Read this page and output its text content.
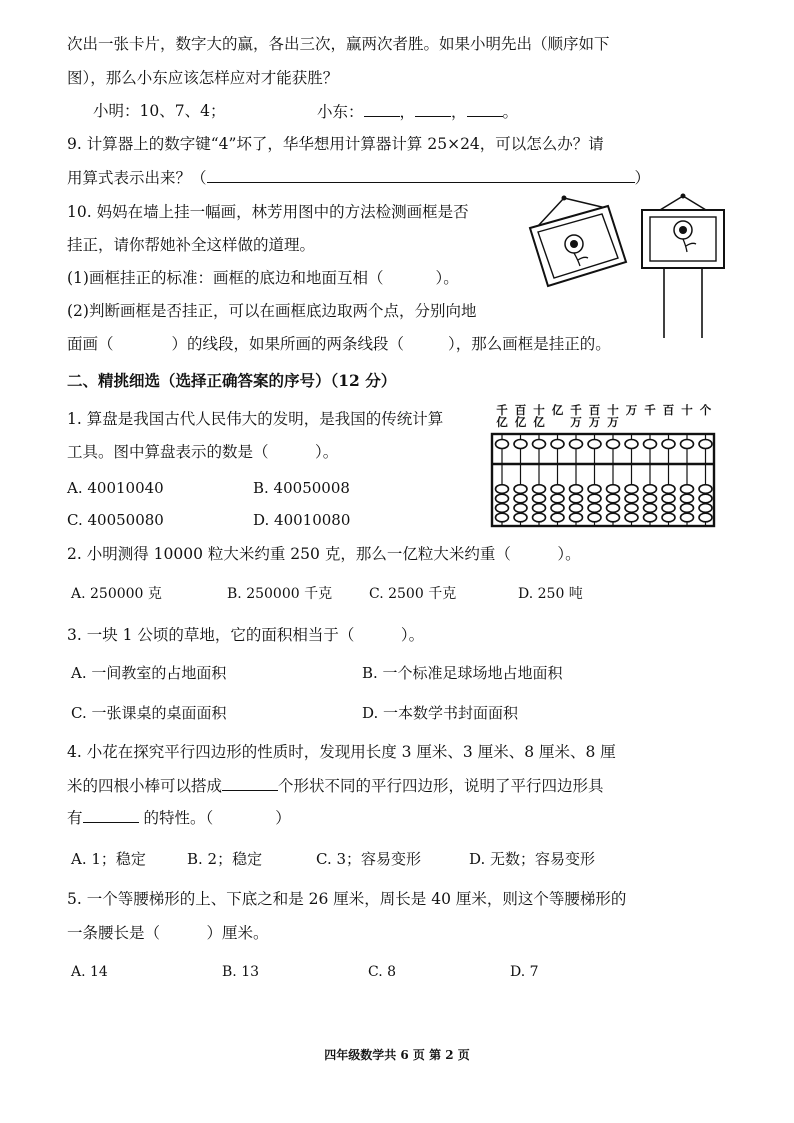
次出一张卡片，数字大的赢，各出三次，赢两次者胜。如果小明先出（顺序如下
图），那么小东应该怎样应对才能获胜？
小明：10、7、4；	小东： ， ， 。
9. 计算器上的数字键“4”坏了，华华想用计算器计算 25×24，可以怎么办？请
用算式表示出来？（	）
10. 妈妈在墙上挂一幅画，林芳用图中的方法检测画框是否
挂正，请你帮她补全这样做的道理。
(1)画框挂正的标准：画框的底边和地面互相（	）。
(2)判断画框是否挂正，可以在画框底边取两个点，分别向地
面画（	）的线段，如果所画的两条线段（	），那么画框是挂正的。
二、精挑细选（选择正确答案的序号）（12 分）
1. 算盘是我国古代人民伟大的发明，是我国的传统计算
工具。图中算盘表示的数是（　　　）。
A. 40010040	B. 40050008
C. 40050080	D. 40010080
千
亿
百
亿
十
亿
亿 千
万
百
万
十
万
万 千 百 十 个
2. 小明测得 10000 粒大米约重 250 克，那么一亿粒大米约重（　　　）。
A. 250000 克	B. 250000 千克	C. 2500 千克	D. 250 吨
3. 一块 1 公顷的草地，它的面积相当于（　　　）。
A. 一间教室的占地面积	B. 一个标准足球场地占地面积
C. 一张课桌的桌面面积	D. 一本数学书封面面积
4. 小花在探究平行四边形的性质时，发现用长度 3 厘米、3 厘米、8 厘米、8 厘
米的四根小棒可以搭成	个形状不同的平行四边形，说明了平行四边形具
有	的特性。（　　　　）
A. 1；稳定	B. 2；稳定	C. 3；容易变形	D. 无数；容易变形
5. 一个等腰梯形的上、下底之和是 26 厘米，周长是 40 厘米，则这个等腰梯形的
一条腰长是（　　　）厘米。
A. 14	B. 13	C. 8	D. 7
四年级数学共 6 页 第 2 页
